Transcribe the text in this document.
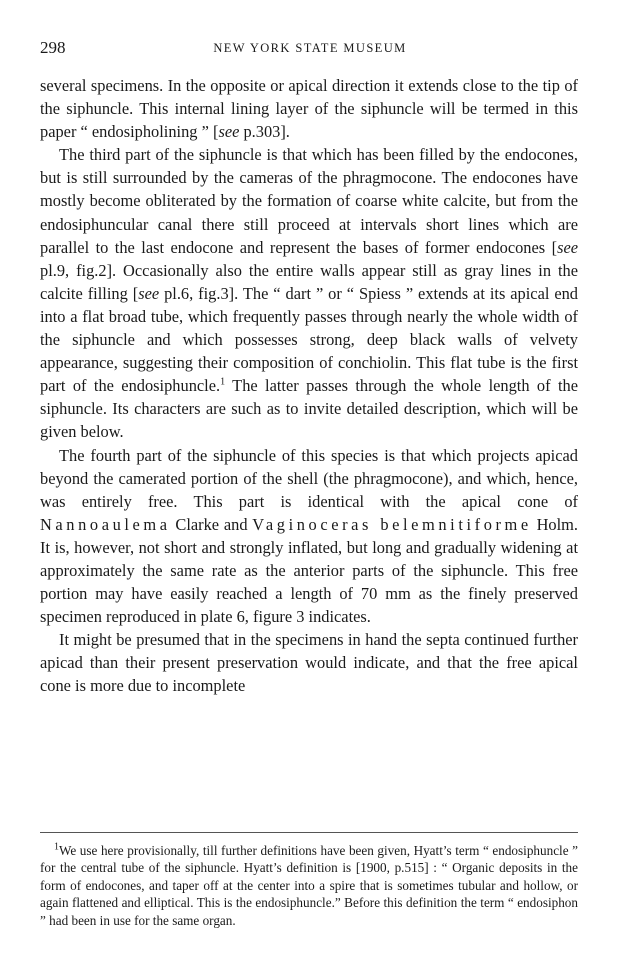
298	NEW YORK STATE MUSEUM

several specimens. In the opposite or apical direction it extends close to the tip of the siphuncle. This internal lining layer of the siphuncle will be termed in this paper “ endosipholining ” [see p.303].

The third part of the siphuncle is that which has been filled by the endocones, but is still surrounded by the cameras of the phragmocone. The endocones have mostly become obliterated by the formation of coarse white calcite, but from the endosiphuncular canal there still proceed at intervals short lines which are parallel to the last endocone and represent the bases of former endocones [see pl.9, fig.2]. Occasionally also the entire walls appear still as gray lines in the calcite filling [see pl.6, fig.3]. The “ dart ” or “ Spiess ” extends at its apical end into a flat broad tube, which frequently passes through nearly the whole width of the siphuncle and which possesses strong, deep black walls of velvety appearance, suggesting their composition of conchiolin. This flat tube is the first part of the endosiphuncle.$^1$ The latter passes through the whole length of the siphuncle. Its characters are such as to invite detailed description, which will be given below.

The fourth part of the siphuncle of this species is that which projects apicad beyond the camerated portion of the shell (the phragmocone), and which, hence, was entirely free. This part is identical with the apical cone of Nannoaulema Clarke and Vaginoceras belemnitiforme Holm. It is, however, not short and strongly inflated, but long and gradually widening at approximately the same rate as the anterior parts of the siphuncle. This free portion may have easily reached a length of 70 mm as the finely preserved specimen reproduced in plate 6, figure 3 indicates.

It might be presumed that in the specimens in hand the septa continued further apicad than their present preservation would indicate, and that the free apical cone is more due to incomplete

$^1$We use here provisionally, till further definitions have been given, Hyatt’s term “ endosiphuncle ” for the central tube of the siphuncle. Hyatt’s definition is [1900, p.515] : “ Organic deposits in the form of endocones, and taper off at the center into a spire that is sometimes tubular and hollow, or again flattened and elliptical. This is the endosiphuncle.” Before this definition the term “ endosiphon ” had been in use for the same organ.
